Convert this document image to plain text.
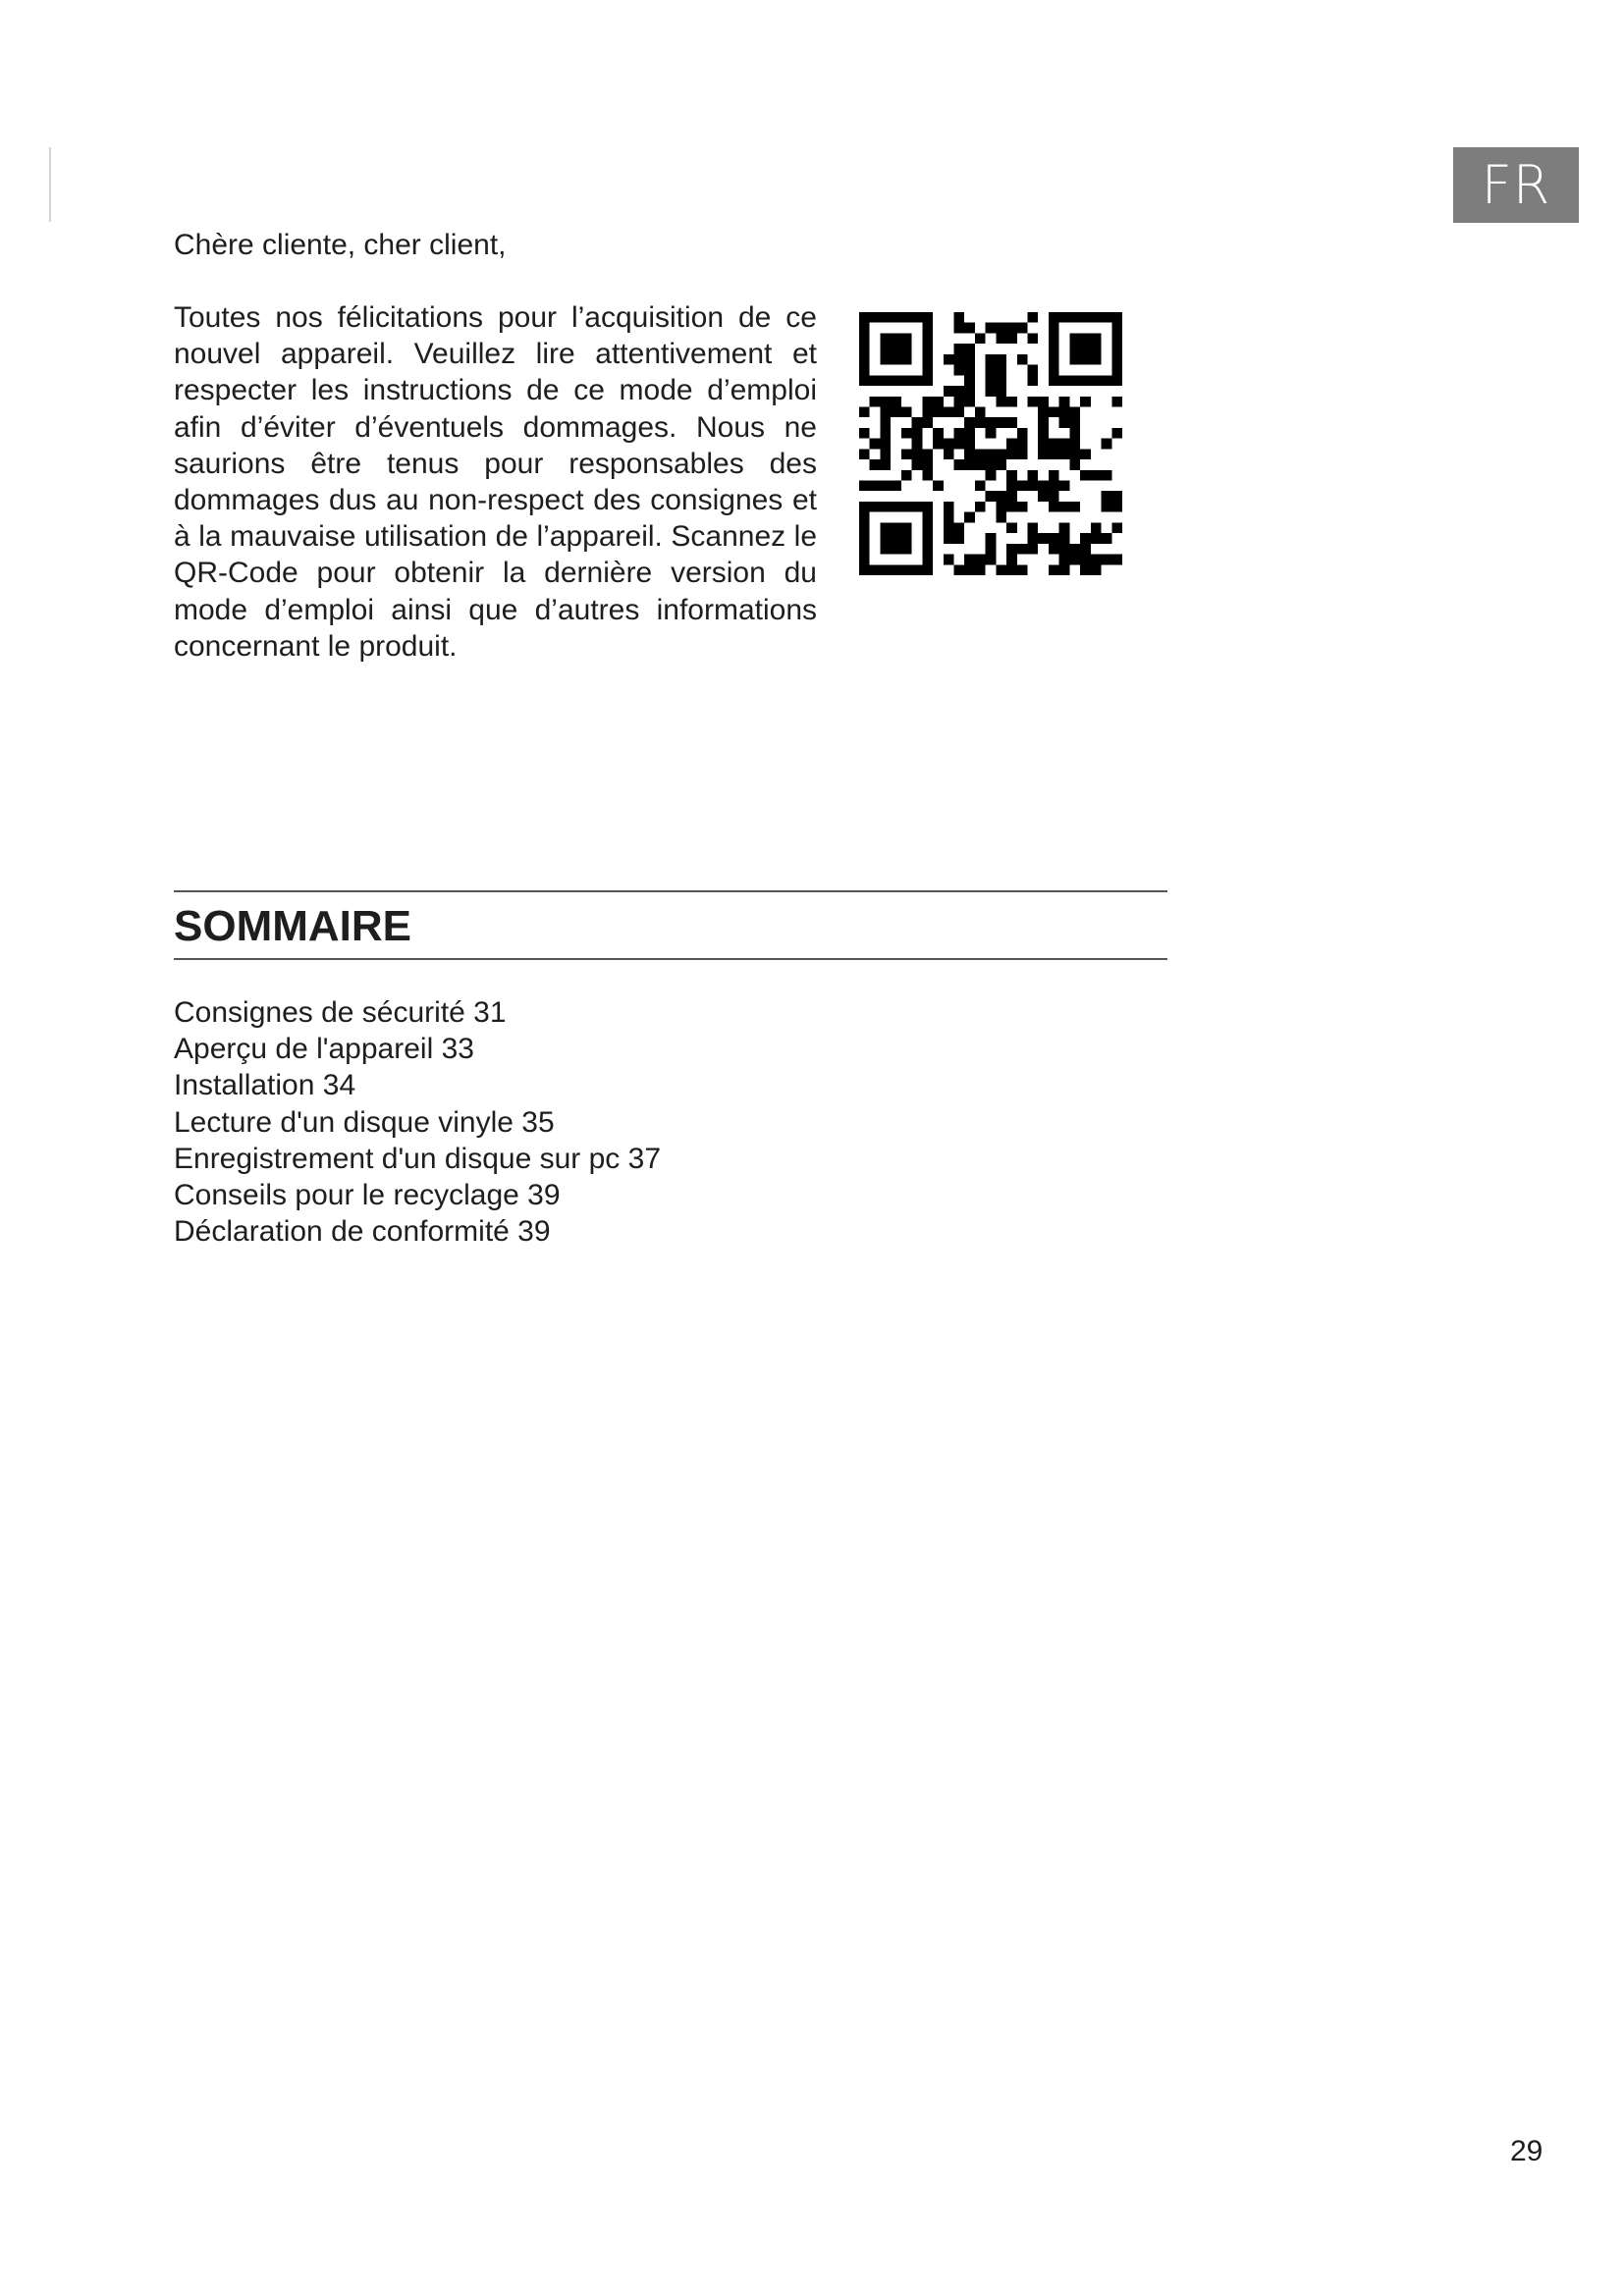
FR

Chère cliente, cher client,

Toutes nos félicitations pour l’acquisition de ce nouvel appareil. Veuillez lire attentivement et respecter les instructions de ce mode d’emploi afin d’éviter d’éventuels dommages. Nous ne saurions être tenus pour responsables des dommages dus au non-respect des consignes et à la mauvaise utilisation de l’appareil. Scannez le QR-Code pour obtenir la dernière version du mode d’emploi ainsi que d’autres informations concernant le produit.

SOMMAIRE
Consignes de sécurité 31
Aperçu de l'appareil 33
Installation 34
Lecture d'un disque vinyle 35
Enregistrement d'un disque sur pc 37
Conseils pour le recyclage 39
Déclaration de conformité 39
29
